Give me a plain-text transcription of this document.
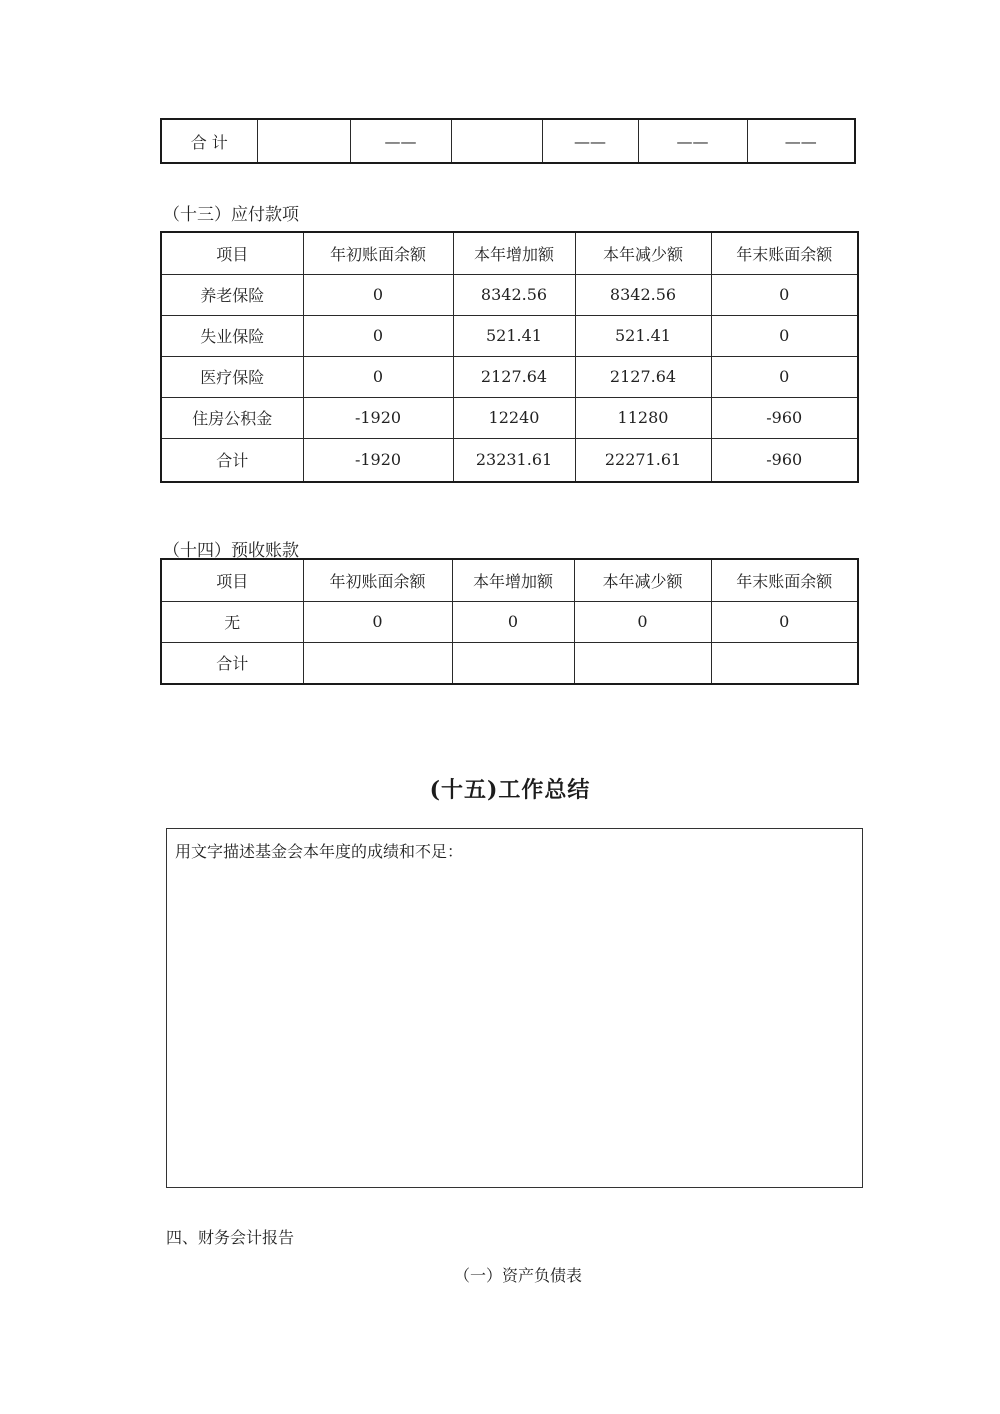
合 计		——		——	——	——
（十三）应付款项
项目	年初账面余额	本年增加额	本年减少额	年末账面余额
养老保险	0	8342.56	8342.56	0
失业保险	0	521.41	521.41	0
医疗保险	0	2127.64	2127.64	0
住房公积金	-1920	12240	11280	-960
合计	-1920	23231.61	22271.61	-960
（十四）预收账款
项目	年初账面余额	本年增加额	本年减少额	年末账面余额
无	0	0	0	0
合计				
(十五)工作总结
用文字描述基金会本年度的成绩和不足：
四、财务会计报告
（一）资产负债表
